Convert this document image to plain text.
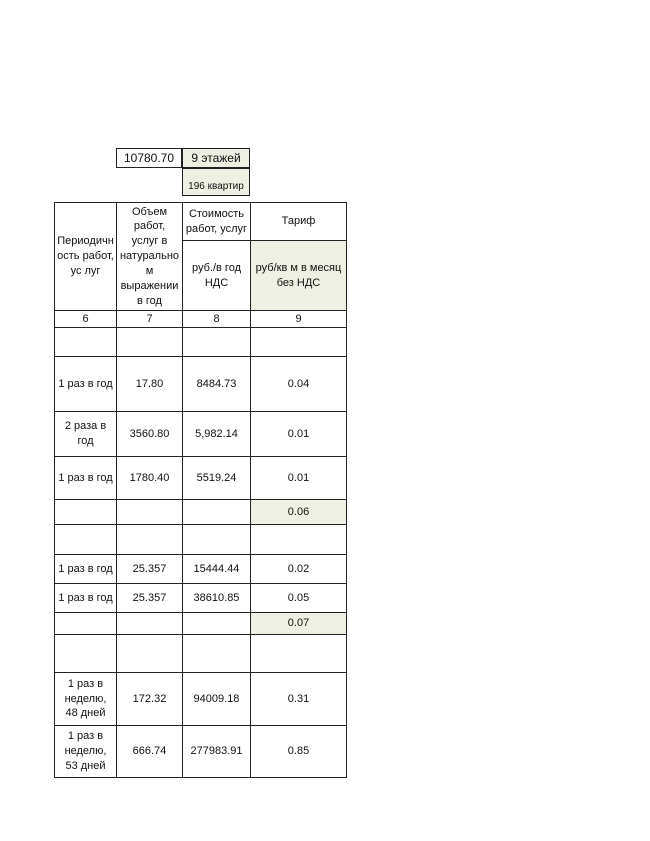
10780.70	9 этажей
196 квартир
Периодичн ость работ, ус луг	Объем работ, услуг в натурально м выражении в год	Стоимость работ, услуг	Тариф
		руб./в год НДС	руб/кв м в месяц без НДС
6	7	8	9

1 раз в год	17.80	8484.73	0.04
2 раза в год	3560.80	5,982.14	0.01
1 раз в год	1780.40	5519.24	0.01
			0.06

1 раз в год	25.357	15444.44	0.02
1 раз в год	25.357	38610.85	0.05
			0.07

1 раз в неделю, 48 дней	172.32	94009.18	0.31
1 раз в неделю, 53 дней	666.74	277983.91	0.85
